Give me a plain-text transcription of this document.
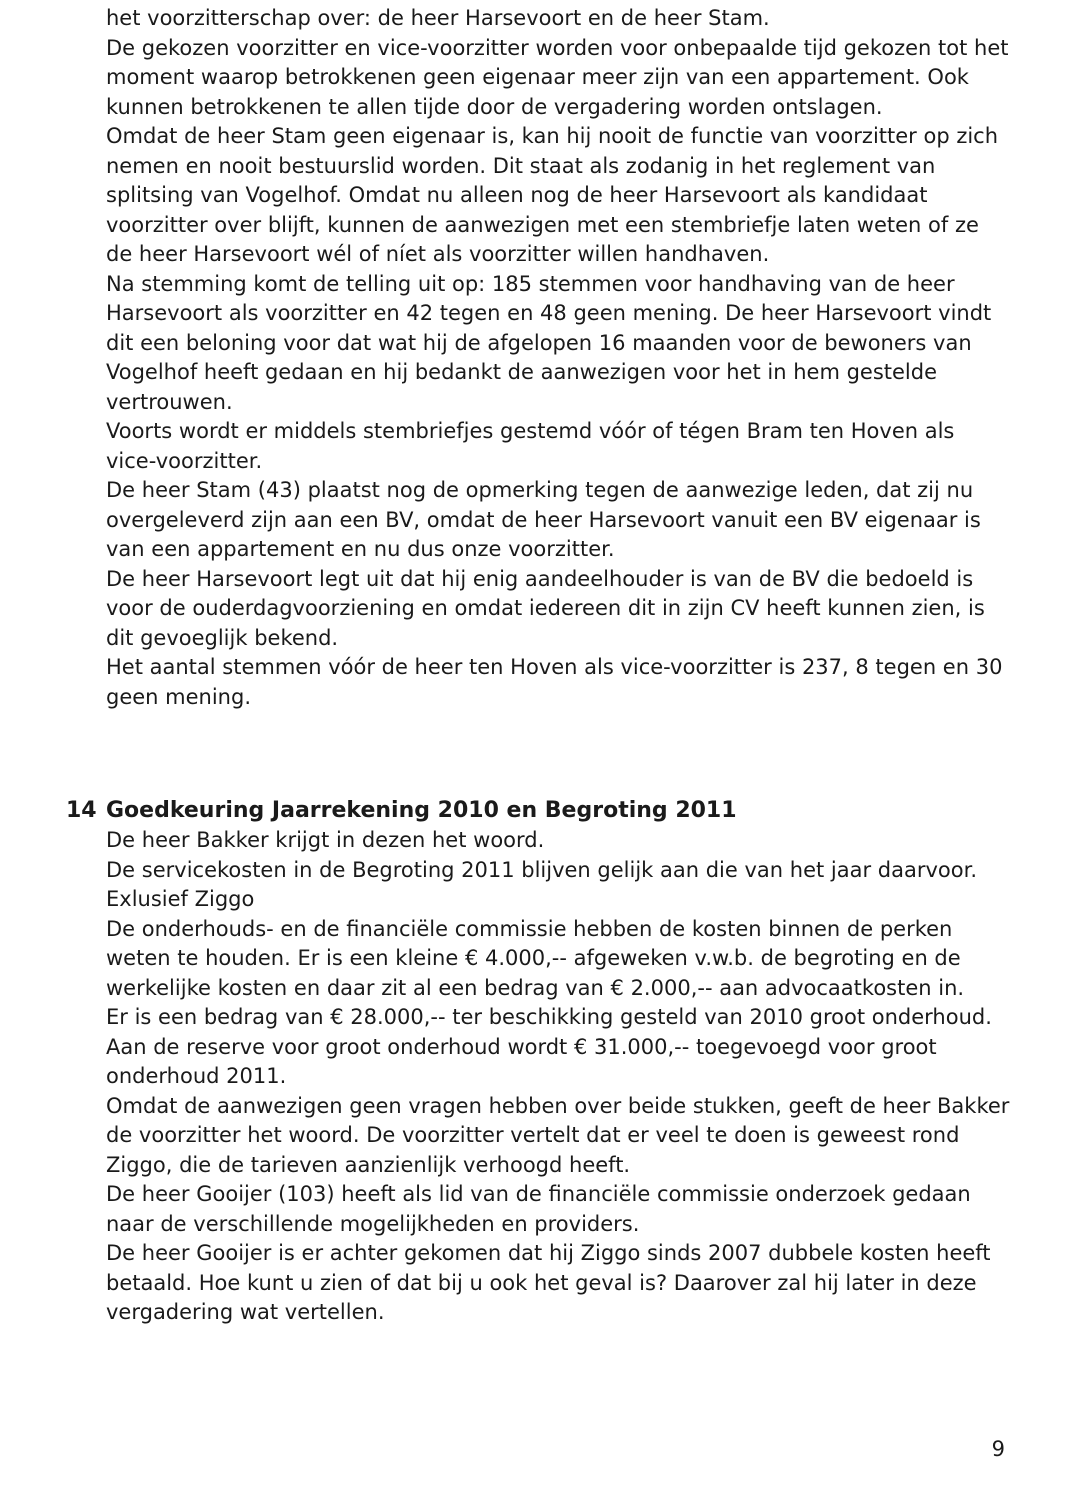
het voorzitterschap over: de heer Harsevoort en de heer Stam.

De gekozen voorzitter en vice-voorzitter worden voor onbepaalde tijd gekozen tot het moment waarop betrokkenen geen eigenaar meer zijn van een appartement. Ook kunnen betrokkenen te allen tijde door de vergadering worden ontslagen.

Omdat de heer Stam geen eigenaar is, kan hij nooit de functie van voorzitter op zich nemen en nooit bestuurslid worden. Dit staat als zodanig in het reglement van splitsing van Vogelhof. Omdat nu alleen nog de heer Harsevoort als kandidaat voorzitter over blijft, kunnen de aanwezigen met een stembriefje laten weten of ze de heer Harsevoort wél of níet als voorzitter willen handhaven.

Na stemming komt de telling uit op: 185 stemmen voor handhaving van de heer Harsevoort als voorzitter en 42 tegen en 48 geen mening. De heer Harsevoort vindt dit een beloning voor dat wat hij de afgelopen 16 maanden voor de bewoners van Vogelhof heeft gedaan en hij bedankt de aanwezigen voor het in hem gestelde vertrouwen.

Voorts wordt er middels stembriefjes gestemd vóór of tégen Bram ten Hoven als vice-voorzitter.

De heer Stam (43) plaatst nog de opmerking tegen de aanwezige leden, dat zij nu overgeleverd zijn aan een BV, omdat de heer Harsevoort vanuit een BV eigenaar is van een appartement en nu dus onze voorzitter.

De heer Harsevoort legt uit dat hij enig aandeelhouder is van de BV die bedoeld is voor de ouderdagvoorziening en omdat iedereen dit in zijn CV heeft kunnen zien, is dit gevoeglijk bekend.

Het aantal stemmen vóór de heer ten Hoven als vice-voorzitter is 237, 8 tegen en 30 geen mening.

14 Goedkeuring Jaarrekening 2010 en Begroting 2011

De heer Bakker krijgt in dezen het woord.

De servicekosten in de Begroting 2011 blijven gelijk aan die van het jaar daarvoor. Exlusief Ziggo

De onderhouds- en de financiële commissie hebben de kosten binnen de perken weten te houden. Er is een kleine € 4.000,-- afgeweken v.w.b. de begroting en de werkelijke kosten en daar zit al een bedrag van € 2.000,-- aan advocaatkosten in.

Er is een bedrag van € 28.000,-- ter beschikking gesteld van 2010 groot onderhoud.

Aan de reserve voor groot onderhoud wordt € 31.000,-- toegevoegd voor groot onderhoud 2011.

Omdat de aanwezigen geen vragen hebben over beide stukken, geeft de heer Bakker de voorzitter het woord. De voorzitter vertelt dat er veel te doen is geweest rond Ziggo, die de tarieven aanzienlijk verhoogd heeft.

De heer Gooijer (103) heeft als lid van de financiële commissie onderzoek gedaan naar de verschillende mogelijkheden en providers.

De heer Gooijer is er achter gekomen dat hij Ziggo sinds 2007 dubbele kosten heeft betaald. Hoe kunt u zien of dat bij u ook het geval is? Daarover zal hij later in deze vergadering wat vertellen.

9
